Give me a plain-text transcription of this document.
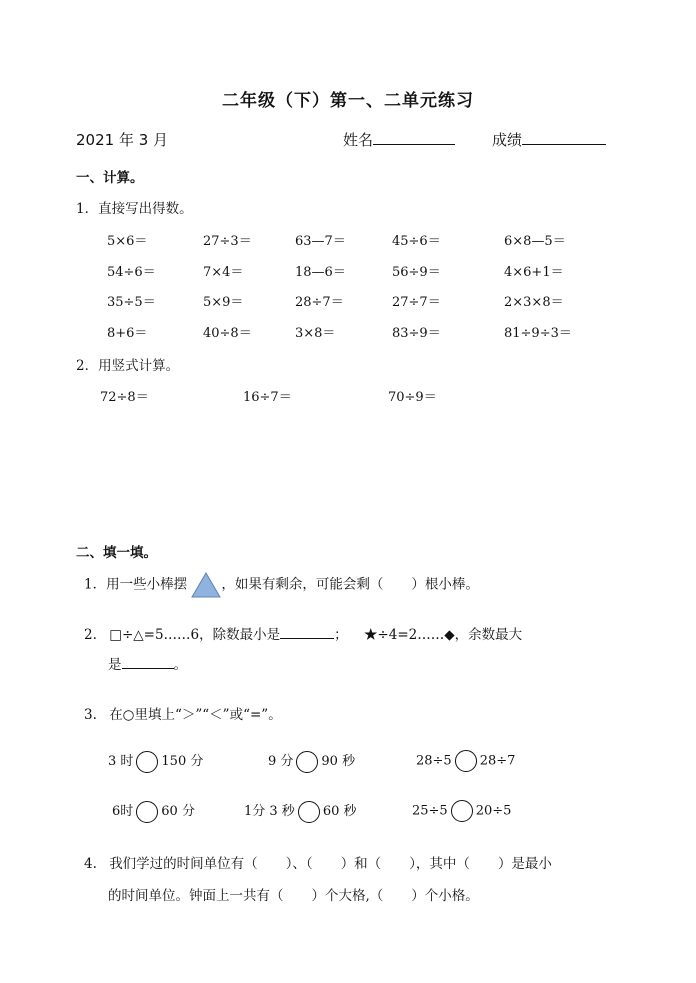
二年级（下）第一、二单元练习
2021 年 3 月	姓名	成绩
一、计算。
1．直接写出得数。
5×6＝	27÷3＝	63—7＝	45÷6＝	6×8—5＝
54÷6＝	7×4＝	18—6＝	56÷9＝	4×6+1＝
35÷5＝	5×9＝	28÷7＝	27÷7＝	2×3×8＝
8+6＝	40÷8＝	3×8＝	83÷9＝	81÷9÷3＝
2．用竖式计算。
72÷8＝	16÷7＝	70÷9＝
二、填一填。
1．用一些小棒摆	，如果有剩余，可能会剩（ ）根小棒。
2. □÷△=5……6，除数最小是	； ★÷4=2……◆，余数最大
是	。
3. 在○里填上“＞”“＜”或“=”。
3 时 150 分	9 分 90 秒	28÷5 28÷7
6时 60 分	1分 3 秒 60 秒	25÷5 20÷5
4. 我们学过的时间单位有（ ）、（ ）和（ ），其中（ ）是最小
的时间单位。钟面上一共有（ ）个大格,（ ）个小格。
